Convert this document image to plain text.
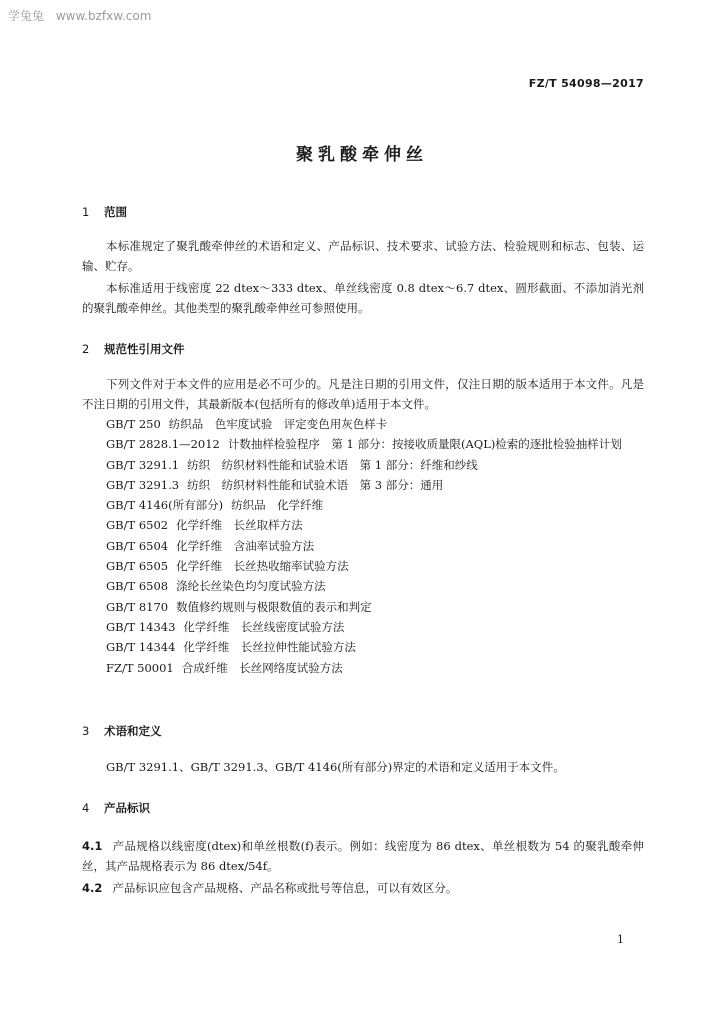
学兔兔 www.bzfxw.com
FZ/T 54098—2017
聚乳酸牵伸丝
1 范围
本标准规定了聚乳酸牵伸丝的术语和定义、产品标识、技术要求、试验方法、检验规则和标志、包装、运输、贮存。
本标准适用于线密度 22 dtex～333 dtex、单丝线密度 0.8 dtex～6.7 dtex、圆形截面、不添加消光剂的聚乳酸牵伸丝。其他类型的聚乳酸牵伸丝可参照使用。
2 规范性引用文件
下列文件对于本文件的应用是必不可少的。凡是注日期的引用文件，仅注日期的版本适用于本文件。凡是不注日期的引用文件，其最新版本(包括所有的修改单)适用于本文件。
GB/T 250 纺织品　色牢度试验　评定变色用灰色样卡
GB/T 2828.1—2012 计数抽样检验程序　第 1 部分：按接收质量限(AQL)检索的逐批检验抽样计划
GB/T 3291.1 纺织　纺织材料性能和试验术语　第 1 部分：纤维和纱线
GB/T 3291.3 纺织　纺织材料性能和试验术语　第 3 部分：通用
GB/T 4146(所有部分) 纺织品　化学纤维
GB/T 6502 化学纤维　长丝取样方法
GB/T 6504 化学纤维　含油率试验方法
GB/T 6505 化学纤维　长丝热收缩率试验方法
GB/T 6508 涤纶长丝染色均匀度试验方法
GB/T 8170 数值修约规则与极限数值的表示和判定
GB/T 14343 化学纤维　长丝线密度试验方法
GB/T 14344 化学纤维　长丝拉伸性能试验方法
FZ/T 50001 合成纤维　长丝网络度试验方法
3 术语和定义
GB/T 3291.1、GB/T 3291.3、GB/T 4146(所有部分)界定的术语和定义适用于本文件。
4 产品标识
4.1 产品规格以线密度(dtex)和单丝根数(f)表示。例如：线密度为 86 dtex、单丝根数为 54 的聚乳酸牵伸丝，其产品规格表示为 86 dtex/54f。
4.2 产品标识应包含产品规格、产品名称或批号等信息，可以有效区分。
1
